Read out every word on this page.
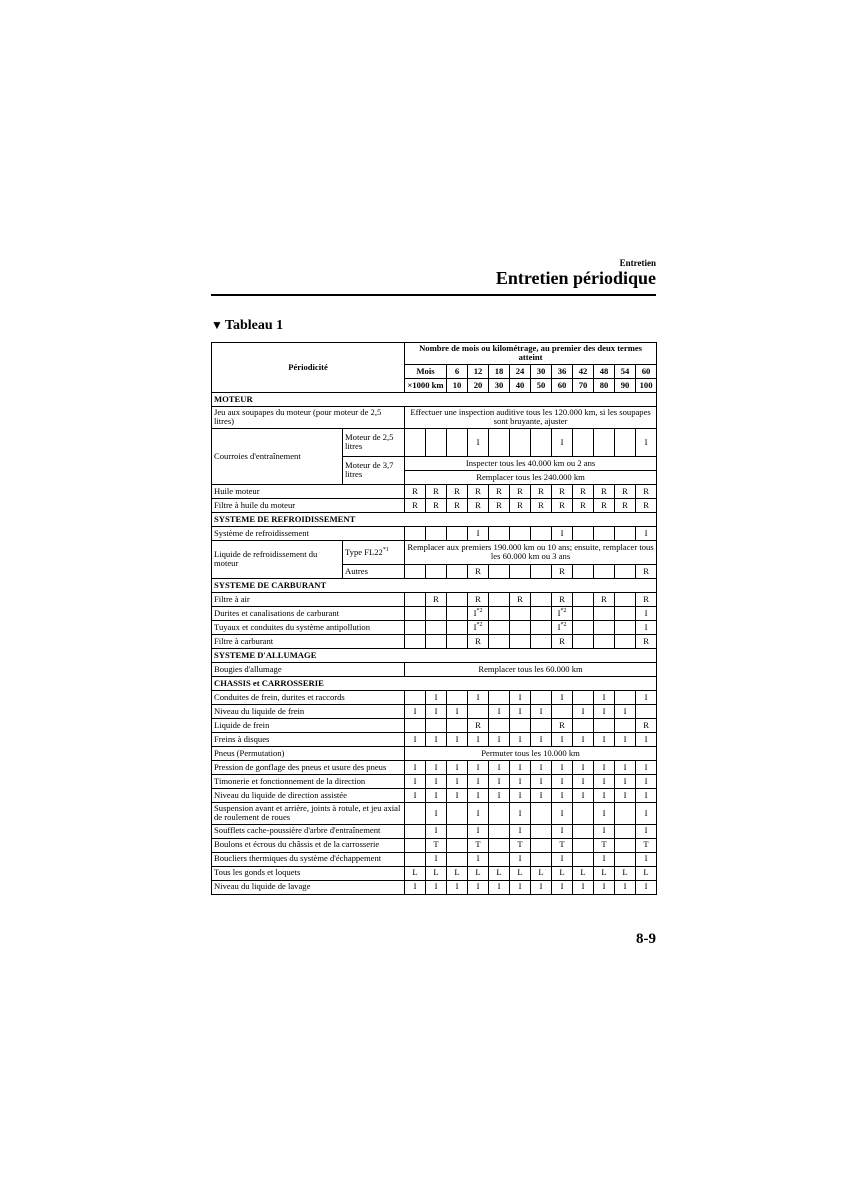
Entretien
Entretien périodique
▼ Tableau 1
Périodicité		Nombre de mois ou kilométrage, au premier des deux termes atteint												
		Mois		6	12	18	24	30	36	42	48	54	60		
		×1000 km		10	20	30	40	50	60	70	80	90	100		
MOTEUR														
Jeu aux soupapes du moteur (pour moteur de 2,5 litres)		Effectuer une inspection auditive tous les 120.000 km, si les soupapes sont bruyante, ajuster												
Courroies d'entraînement	Moteur de 2,5 litres				I				I				I	
	Moteur de 3,7 litres	Inspecter tous les 40.000 km ou 2 ans												
		Remplacer tous les 240.000 km												
Huile moteur		R	R	R	R	R	R	R	R	R	R	R	R	
Filtre à huile du moteur		R	R	R	R	R	R	R	R	R	R	R	R	
SYSTEME DE REFROIDISSEMENT														
Système de refroidissement					I				I				I	
Liquide de refroidissement du moteur	Type FL22$^{*1}$	Remplacer aux premiers 190.000 km ou 10 ans; ensuite, remplacer tous les 60.000 km ou 3 ans												
	Autres				R				R				R	
SYSTEME DE CARBURANT														
Filtre à air			R		R		R		R		R		R	
Durites et canalisations de carburant					$I^{*2}$				$I^{*2}$				I	
Tuyaux et conduites du système antipollution					$I^{*2}$				$I^{*2}$				I	
Filtre à carburant					R				R				R	
SYSTEME D'ALLUMAGE														
Bougies d'allumage		Remplacer tous les 60.000 km												
CHASSIS et CARROSSERIE														
Conduites de frein, durites et raccords			I		I		I		I		I		I	
Niveau du liquide de frein		I	I	I		I	I	I		I	I	I		
Liquide de frein					R				R				R	
Freins à disques		I	I	I	I	I	I	I	I	I	I	I	I	
Pneus (Permutation)		Permuter tous les 10.000 km												
Pression de gonflage des pneus et usure des pneus		I	I	I	I	I	I	I	I	I	I	I	I	
Timonerie et fonctionnement de la direction		I	I	I	I	I	I	I	I	I	I	I	I	
Niveau du liquide de direction assistée		I	I	I	I	I	I	I	I	I	I	I	I	
Suspension avant et arrière, joints à rotule, et jeu axial de roulement de roues			I		I		I		I		I		I	
Soufflets cache-poussière d'arbre d'entraînement			I		I		I		I		I		I	
Boulons et écrous du châssis et de la carrosserie			T		T		T		T		T		T	
Boucliers thermiques du système d'échappement			I		I		I		I		I		I	
Tous les gonds et loquets		L	L	L	L	L	L	L	L	L	L	L	L	
Niveau du liquide de lavage		I	I	I	I	I	I	I	I	I	I	I	I	
8-9
